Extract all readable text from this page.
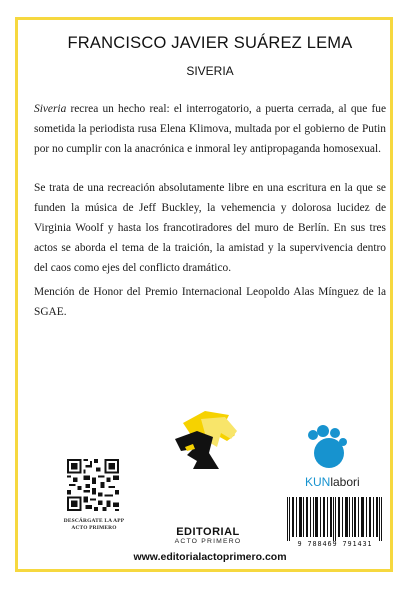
FRANCISCO JAVIER SUÁREZ LEMA
SIVERIA

Siveria recrea un hecho real: el interrogatorio, a puerta cerrada, al que fue sometida la periodista rusa Elena Klimova, multada por el gobierno de Putin por no cumplir con la anacrónica e inmoral ley antipropaganda homosexual.

Se trata de una recreación absolutamente libre en una escritura en la que se funden la música de Jeff Buckley, la vehemencia y dolorosa lucidez de Virginia Woolf y hasta los francotiradores del muro de Berlín. En sus tres actos se aborda el tema de la traición, la amistad y la supervivencia dentro del caos como ejes del conflicto dramático.

Mención de Honor del Premio Internacional Leopoldo Alas Mínguez de la SGAE.

DESCÁRGATE LA APP
ACTO PRIMERO	EDITORIAL
ACTO PRIMERO
KUNlabori
9 788469 791431
www.editorialactoprimero.com
